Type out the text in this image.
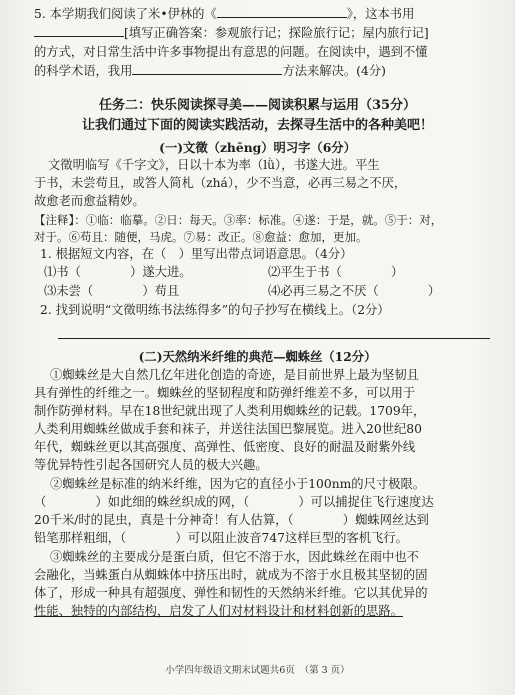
5. 本学期我们阅读了米•伊林的《	》，这本书用
[填写正确答案：参观旅行记；探险旅行记；屋内旅行记]
的方式，对日常生活中许多事物提出有意思的问题。在阅读中，遇到不懂
的科学术语，我用	方法来解决。(4分)
任务二：快乐阅读探寻美——阅读积累与运用（35分）
让我们通过下面的阅读实践活动，去探寻生活中的各种美吧！
(一)文徵（zhēng）明习字（6分）
文徵明临写《千字文》，日以十本为率（lǜ），书遂大进。平生
于书，未尝苟且，或答人简札（zhá），少不当意，必再三易之不厌，
故愈老而愈益精妙。
【注释】：①临：临摹。②日：每天。③率：标准。④遂：于是，就。⑤于：对，
对于。⑥苟且：随便，马虎。⑦易：改正。⑧愈益：愈加，更加。
1. 根据短文内容，在（　）里写出带点词语意思。（4分）
⑴书（　　　　）遂大进。	⑵平生于书（　　　　）
⑶未尝（　　　　）苟且	⑷必再三易之不厌（　　　　）
2. 找到说明“文徵明练书法练得多”的句子抄写在横线上。（2分）
(二)天然纳米纤维的典范—蜘蛛丝（12分）
①蜘蛛丝是大自然几亿年进化创造的奇迹，是目前世界上最为坚韧且
具有弹性的纤维之一。蜘蛛丝的坚韧程度和防弹纤维差不多，可以用于
制作防弹材料。早在18世纪就出现了人类利用蜘蛛丝的记载。1709年，
人类利用蜘蛛丝做成手套和袜子，并送往法国巴黎展览。进入20世纪80
年代，蜘蛛丝更以其高强度、高弹性、低密度、良好的耐温及耐紫外线
等优异特性引起各国研究人员的极大兴趣。
②蜘蛛丝是标准的纳米纤维，因为它的直径小于100nm的尺寸极限。
（　　　　）如此细的蛛丝织成的网，（　　　　）可以捕捉住飞行速度达
20千米/时的昆虫，真是十分神奇！有人估算，（　　　　）蜘蛛网丝达到
铅笔那样粗细，（　　　　）可以阻止波音747这样巨型的客机飞行。
③蜘蛛丝的主要成分是蛋白质，但它不溶于水，因此蛛丝在雨中也不
会融化，当蛛蛋白从蜘蛛体中挤压出时，就成为不溶于水且极其坚韧的固
体了，形成一种具有超强度、弹性和韧性的天然纳米纤维。它以其优异的
性能、独特的内部结构，启发了人们对材料设计和材料创新的思路。
小学四年级语文期末试题共6页　（第 3 页）
